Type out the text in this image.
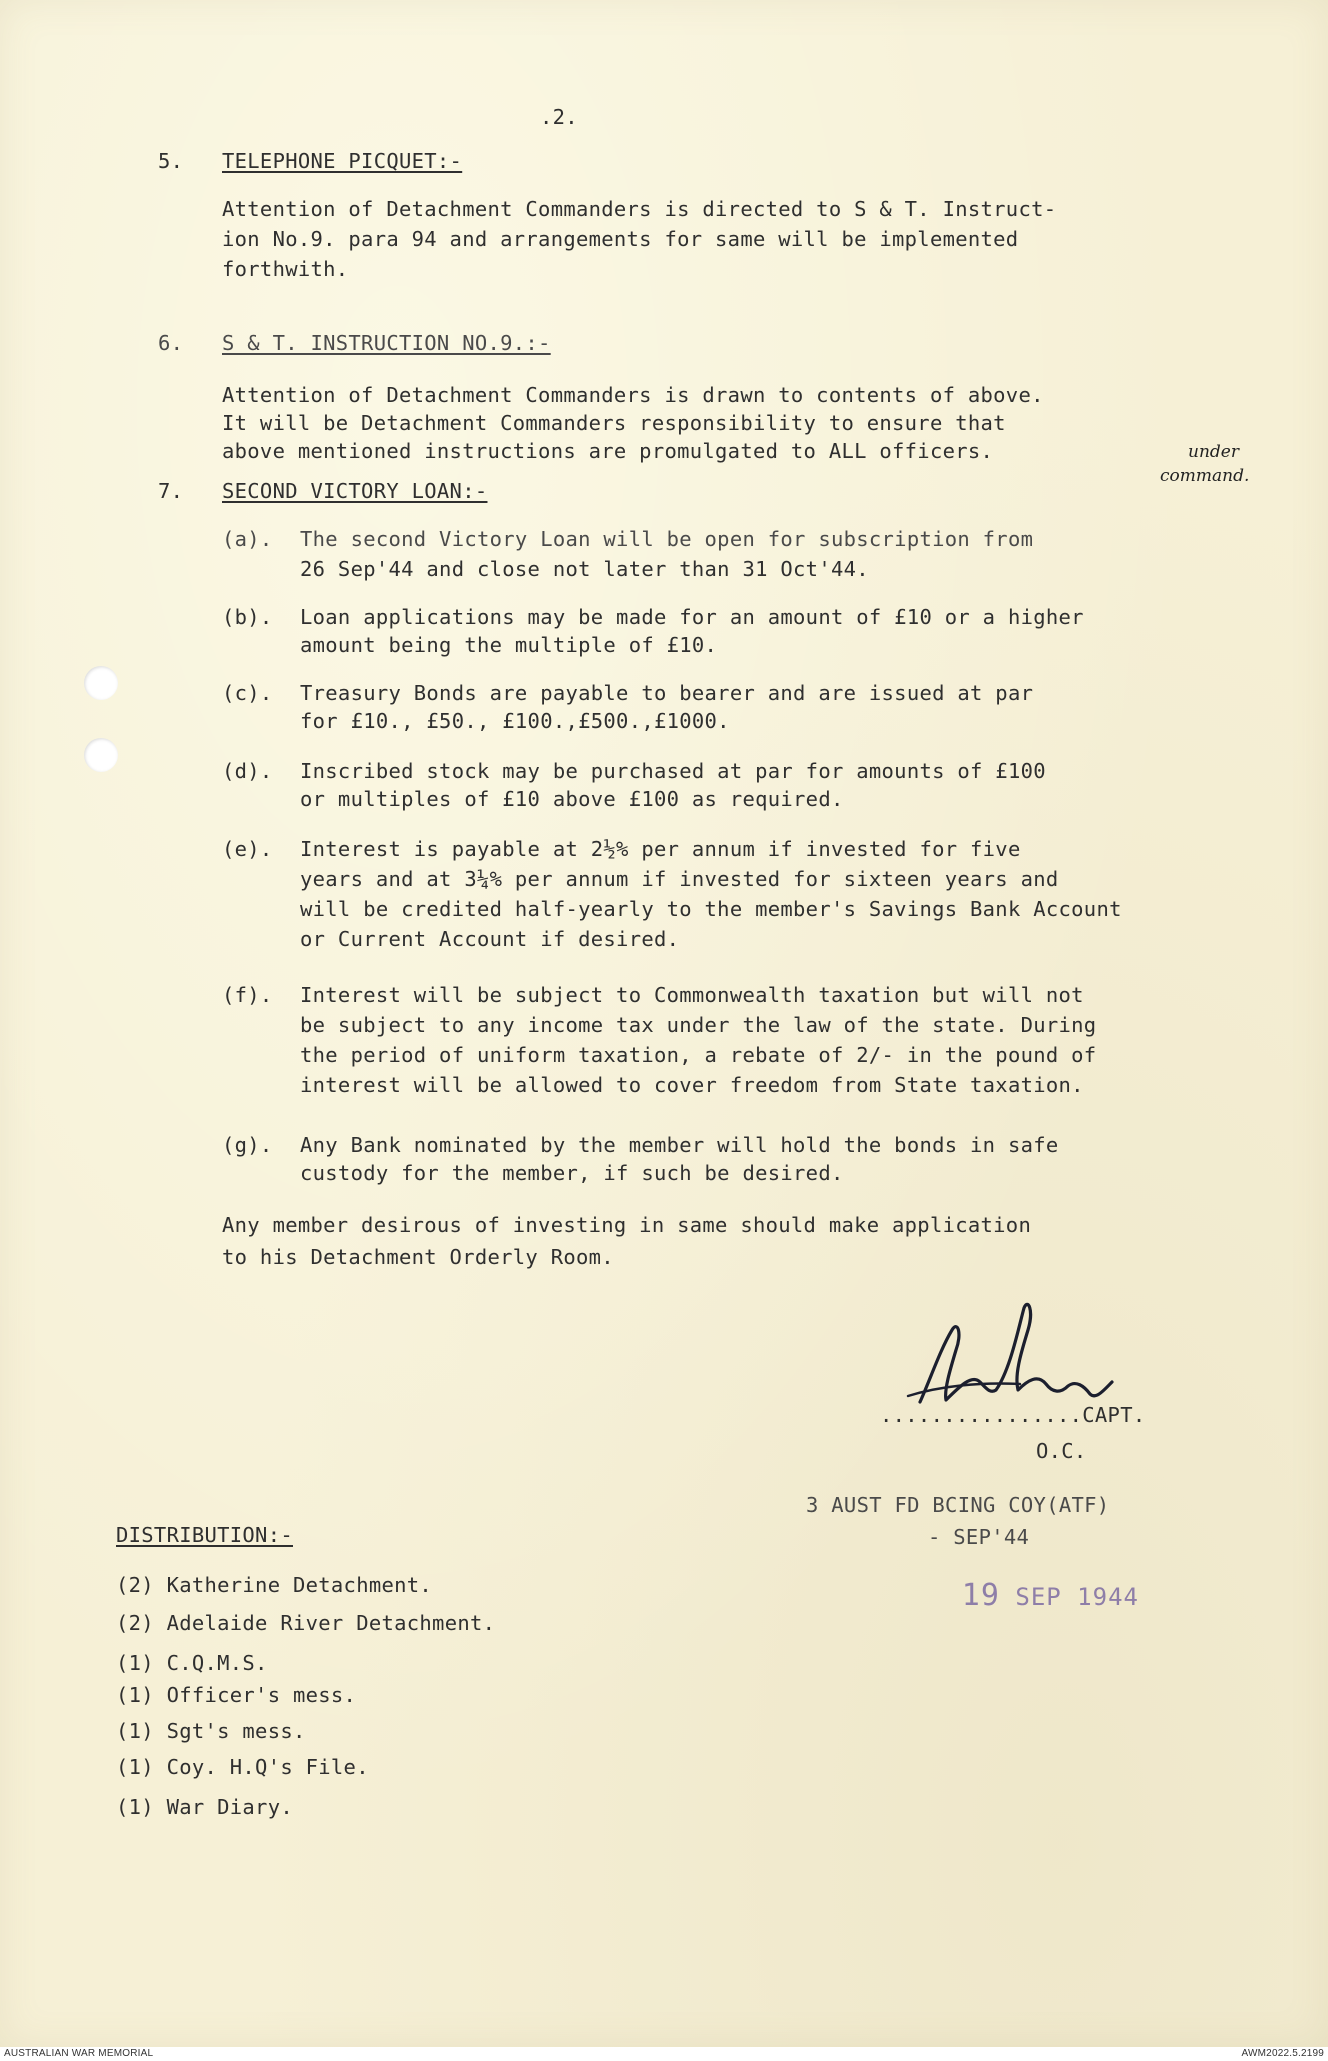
.2.

5. TELEPHONE PICQUET:-

Attention of Detachment Commanders is directed to S & T. Instruct-

ion No.9. para 94 and arrangements for same will be implemented

forthwith.

6. S & T. INSTRUCTION NO.9.:-

Attention of Detachment Commanders is drawn to contents of above.

It will be Detachment Commanders responsibility to ensure that

above mentioned instructions are promulgated to ALL officers.	under
command.

7. SECOND VICTORY LOAN:-

(a). The second Victory Loan will be open for subscription from

26 Sep'44 and close not later than 31 Oct'44.

(b). Loan applications may be made for an amount of £10 or a higher

amount being the multiple of £10.

(c). Treasury Bonds are payable to bearer and are issued at par

for £10., £50., £100.,£500.,£1000.

(d). Inscribed stock may be purchased at par for amounts of £100

or multiples of £10 above £100 as required.

(e). Interest is payable at 2½% per annum if invested for five

years and at 3¼% per annum if invested for sixteen years and

will be credited half-yearly to the member's Savings Bank Account

or Current Account if desired.

(f). Interest will be subject to Commonwealth taxation but will not

be subject to any income tax under the law of the state. During

the period of uniform taxation, a rebate of 2/- in the pound of

interest will be allowed to cover freedom from State taxation.

(g). Any Bank nominated by the member will hold the bonds in safe

custody for the member, if such be desired.

Any member desirous of investing in same should make application

to his Detachment Orderly Room.

................CAPT.

O.C.

3 AUST FD BCING COY(ATF)

- SEP'44

19 SEP 1944

DISTRIBUTION:-

(2) Katherine Detachment.

(2) Adelaide River Detachment.

(1) C.Q.M.S.

(1) Officer's mess.

(1) Sgt's mess.

(1) Coy. H.Q's File.

(1) War Diary.

AUSTRALIAN WAR MEMORIAL	AWM2022.5.2199
